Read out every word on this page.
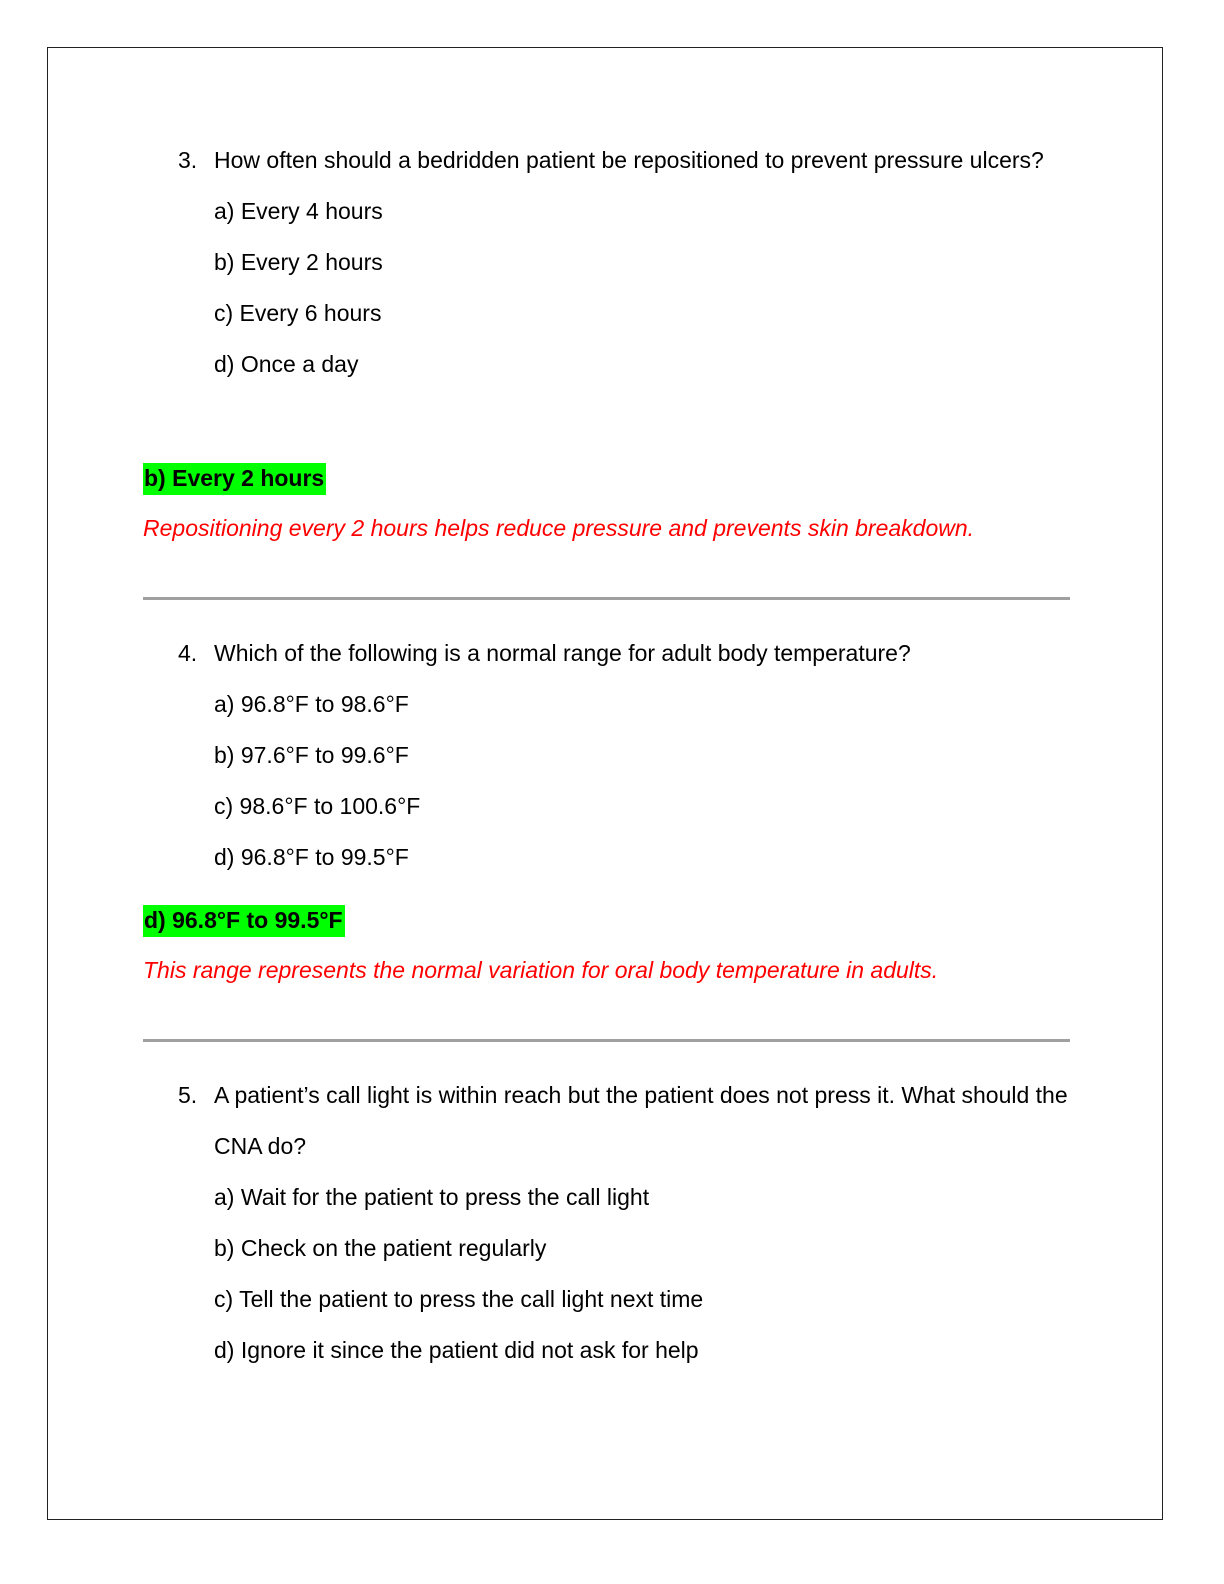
3. How often should a bedridden patient be repositioned to prevent pressure ulcers?
a) Every 4 hours
b) Every 2 hours
c) Every 6 hours
d) Once a day
b) Every 2 hours
Repositioning every 2 hours helps reduce pressure and prevents skin breakdown.
4. Which of the following is a normal range for adult body temperature?
a) 96.8°F to 98.6°F
b) 97.6°F to 99.6°F
c) 98.6°F to 100.6°F
d) 96.8°F to 99.5°F
d) 96.8°F to 99.5°F
This range represents the normal variation for oral body temperature in adults.
5. A patient’s call light is within reach but the patient does not press it. What should the CNA do?
a) Wait for the patient to press the call light
b) Check on the patient regularly
c) Tell the patient to press the call light next time
d) Ignore it since the patient did not ask for help
